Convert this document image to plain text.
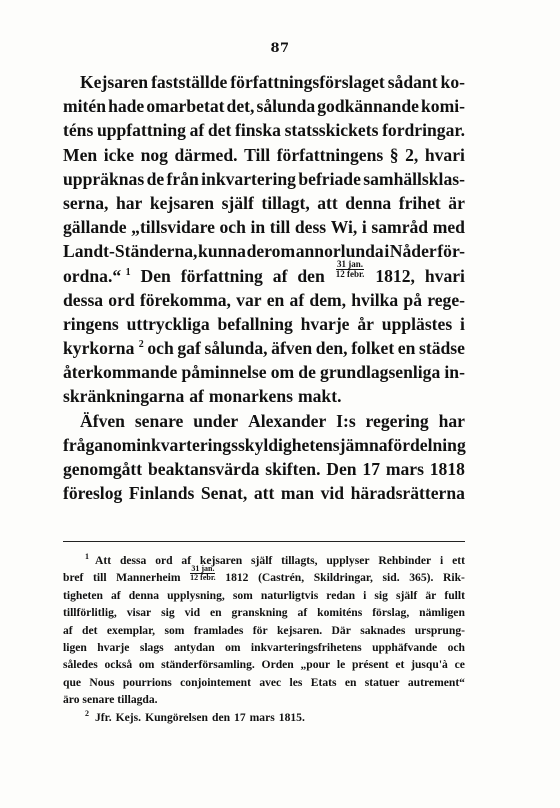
87
Kejsaren fastställde författningsförslaget sådant ko-
mitén hade omarbetat det, sålunda godkännande komi-
téns uppfattning af det finska statsskickets fordringar.
Men icke nog därmed. Till författningens § 2, hvari
uppräknas de från inkvartering befriade samhällsklas-
serna, har kejsaren själf tillagt, att denna frihet är
gällande „tillsvidare och in till dess Wi, i samråd med
Landt-Ständerna, kunna derom annorlunda i Nåder för-
ordna.“ $^1$ Den författning af den $\frac{\text{31 jan.}}{\text{12 febr.}} 1812$, hvari
dessa ord förekomma, var en af dem, hvilka på rege-
ringens uttryckliga befallning hvarje år upplästes i
kyrkorna $^2$ och gaf sålunda, äfven den, folket en städse
återkommande påminnelse om de grundlagsenliga in-
skränkningarna af monarkens makt.
Äfven senare under Alexander I:s regering har
frågan om inkvarteringsskyldighetens jämna fördelning
genomgått beaktansvärda skiften. Den 17 mars 1818
föreslog Finlands Senat, att man vid häradsrätterna
$^1$ Att dessa ord af kejsaren själf tillagts, upplyser Rehbinder i ett
bref till Mannerheim $\frac{\text{31 jan.}}{\text{12 febr.}} 1812$ (Castrén, Skildringar, sid. 365). Rik-
tigheten af denna upplysning, som naturligtvis redan i sig själf är fullt
tillförlitlig, visar sig vid en granskning af komiténs förslag, nämligen
af det exemplar, som framlades för kejsaren. Där saknades ursprung-
ligen hvarje slags antydan om inkvarteringsfrihetens upphäfvande och
således också om ständerförsamling. Orden „pour le présent et jusqu'à ce
que Nous pourrions conjointement avec les Etats en statuer autrement“
äro senare tillagda.
$^2$ Jfr. Kejs. Kungörelsen den 17 mars 1815.
